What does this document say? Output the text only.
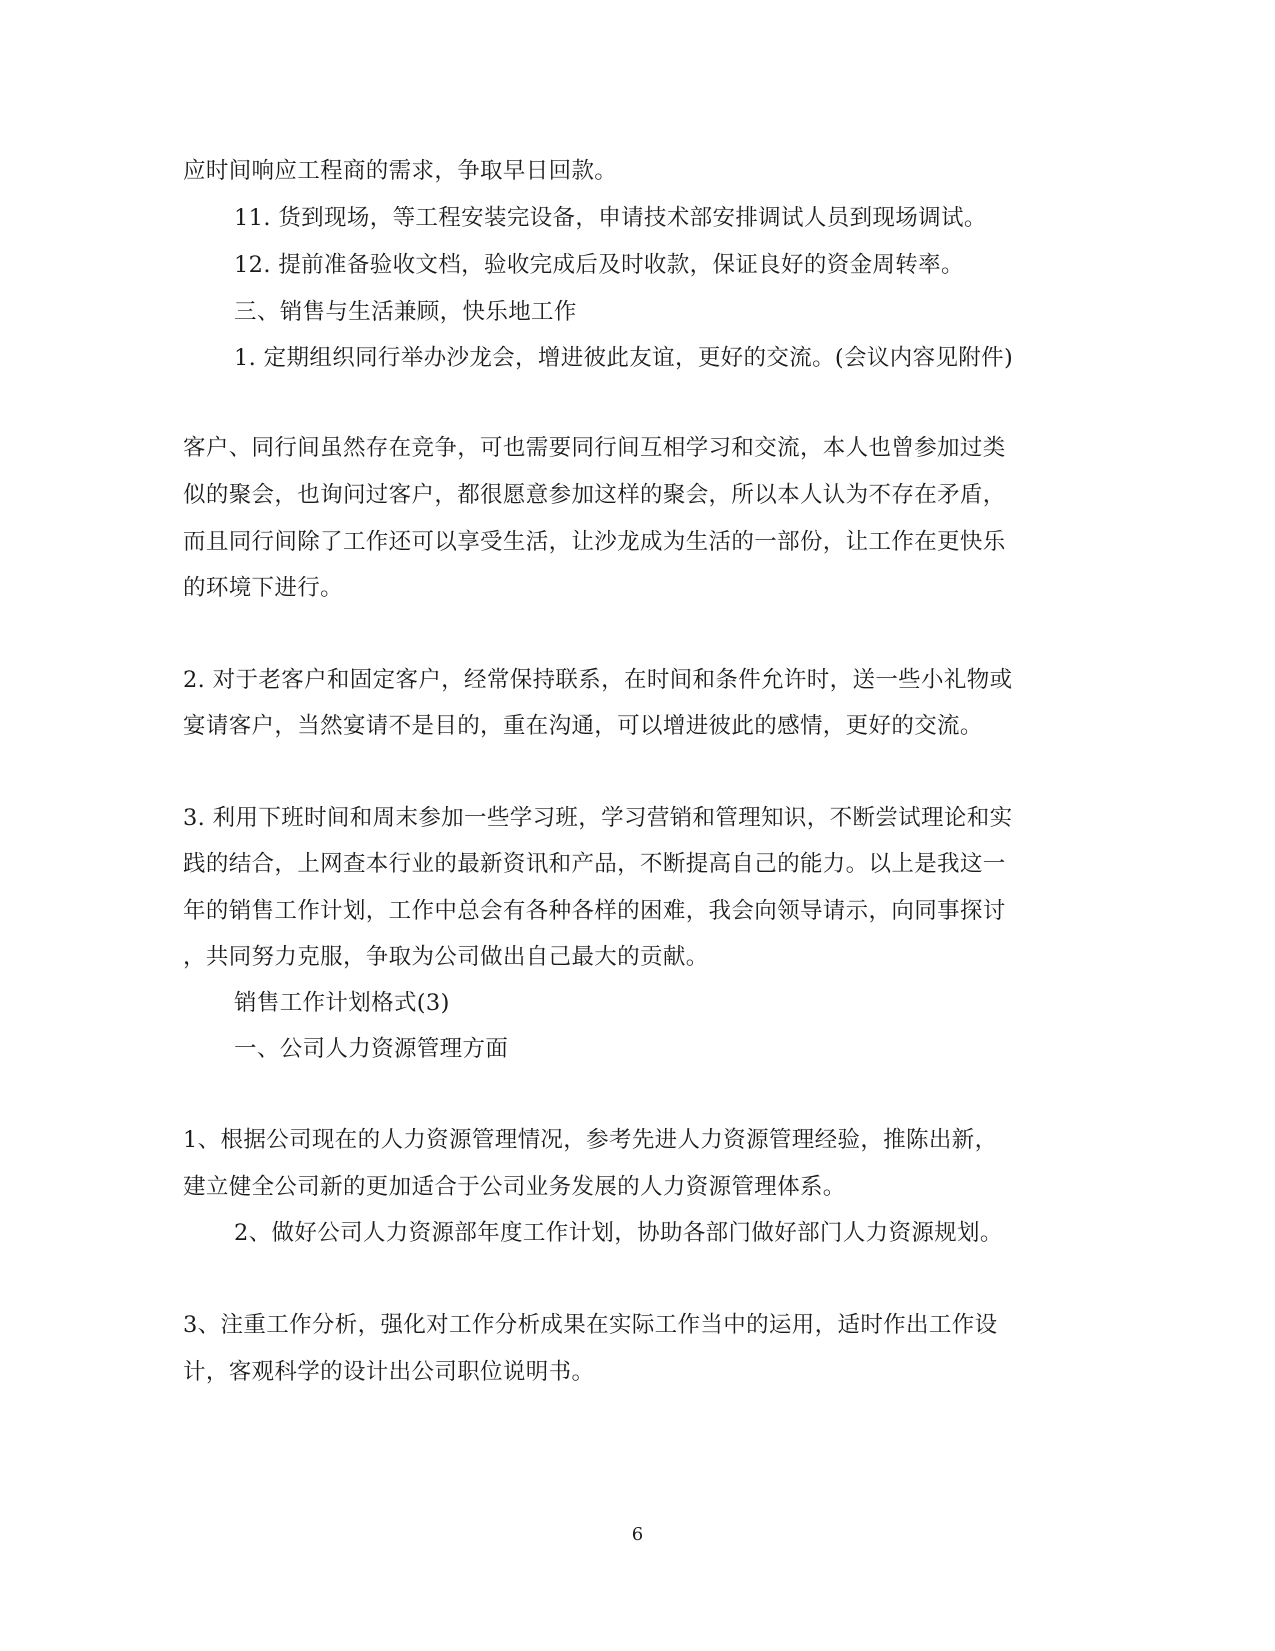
应时间响应工程商的需求，争取早日回款。
11. 货到现场，等工程安装完设备，申请技术部安排调试人员到现场调试。
12. 提前准备验收文档，验收完成后及时收款，保证良好的资金周转率。
三、销售与生活兼顾，快乐地工作
1. 定期组织同行举办沙龙会，增进彼此友谊，更好的交流。(会议内容见附件)
客户、同行间虽然存在竞争，可也需要同行间互相学习和交流，本人也曾参加过类
似的聚会，也询问过客户，都很愿意参加这样的聚会，所以本人认为不存在矛盾，
而且同行间除了工作还可以享受生活，让沙龙成为生活的一部份，让工作在更快乐
的环境下进行。
2. 对于老客户和固定客户，经常保持联系，在时间和条件允许时，送一些小礼物或
宴请客户，当然宴请不是目的，重在沟通，可以增进彼此的感情，更好的交流。
3. 利用下班时间和周末参加一些学习班，学习营销和管理知识，不断尝试理论和实
践的结合，上网查本行业的最新资讯和产品，不断提高自己的能力。以上是我这一
年的销售工作计划，工作中总会有各种各样的困难，我会向领导请示，向同事探讨
，共同努力克服，争取为公司做出自己最大的贡献。
销售工作计划格式(3)
一、公司人力资源管理方面
1、根据公司现在的人力资源管理情况，参考先进人力资源管理经验，推陈出新，
建立健全公司新的更加适合于公司业务发展的人力资源管理体系。
2、做好公司人力资源部年度工作计划，协助各部门做好部门人力资源规划。
3、注重工作分析，强化对工作分析成果在实际工作当中的运用，适时作出工作设
计，客观科学的设计出公司职位说明书。
6
